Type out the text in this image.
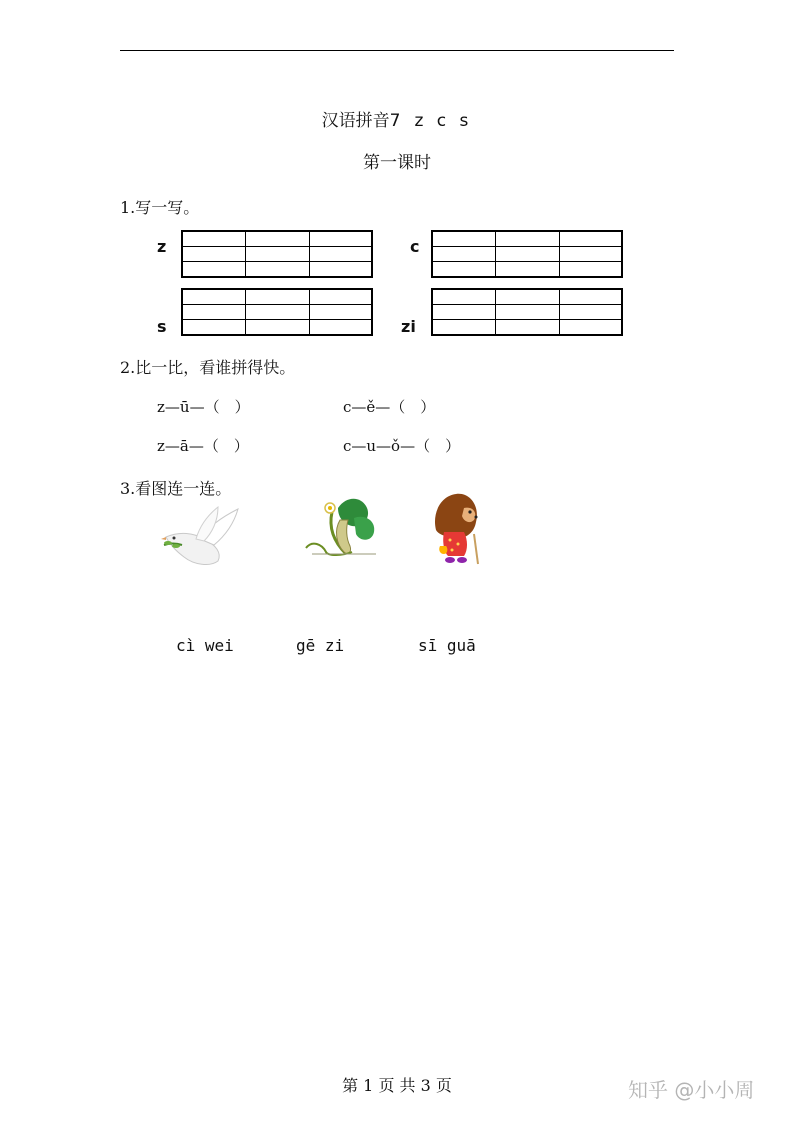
汉语拼音7 z c s
第一课时
1.写一写。
z	c
s	zi
2.比一比，看谁拼得快。
z—ū—（　）	c—ě—（　）
z—ā—（　）	c—u—ǒ—（　）
3.看图连一连。
cì wei	gē zi	sī guā
第 1 页 共 3 页	知乎 @小小周
